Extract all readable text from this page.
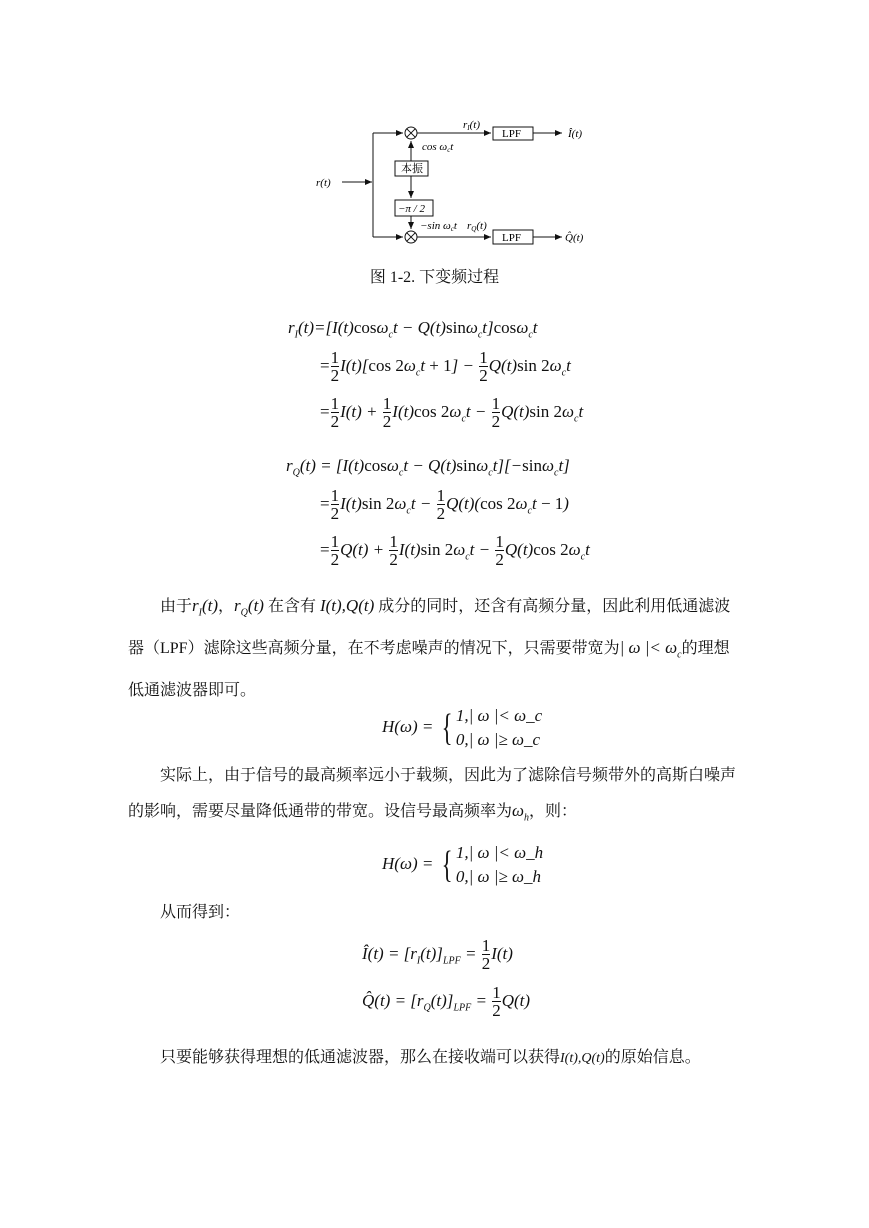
r(t)
本振
−π / 2
cos ωct
−sin ωct
rI(t)
rQ(t)
LPF
LPF
Î(t)
Q̂(t)
图 1-2. 下变频过程
$r_I(t)=[I(t)\cos\omega_ct - Q(t)\sin\omega_ct]\cos\omega_ct$
= $\frac{1}{2} I(t)[\cos$ $2\omega_ct + 1] - \frac{1}{2} Q(t)\sin$ $2\omega_ct$
= $\frac{1}{2} I(t) + \frac{1}{2} I(t)\cos$ $2\omega_ct - \frac{1}{2} Q(t)\sin$ $2\omega_ct$
$r_Q(t) = [I(t)\cos\omega_ct - Q(t)\sin\omega_ct][-\sin\omega_ct]$
= $\frac{1}{2} I(t)\sin$ $2\omega_ct - \frac{1}{2} Q(t)(\cos$ $2\omega_ct - 1$)
= $\frac{1}{2} Q(t) + \frac{1}{2} I(t)\sin$ $2\omega_ct - \frac{1}{2} Q(t)\cos$ $2\omega_ct$

由于$r_I(t)$，$r_Q(t)$ 在含有 I(t),Q(t) 成分的同时，还含有高频分量，因此利用低通滤波器（LPF）滤除这些高频分量，在不考虑噪声的情况下，只需要带宽为| ω |< $\omega_c$的理想低通滤波器即可。

H(ω) = { 1,| ω |< ω_c
0,| ω |≥ ω_c

实际上，由于信号的最高频率远小于载频，因此为了滤除信号频带外的高斯白噪声的影响，需要尽量降低通带的带宽。设信号最高频率为$\omega_h$，则：

H(ω) = { 1,| ω |< ω_h
0,| ω |≥ ω_h

从而得到：

Î(t) = $[r_I(t)]_{LPF} = \frac{1}{2} I(t)$
Q̂(t) = $[r_Q(t)]_{LPF} = \frac{1}{2} Q(t)$

只要能够获得理想的低通滤波器，那么在接收端可以获得I(t),Q(t)的原始信息。
